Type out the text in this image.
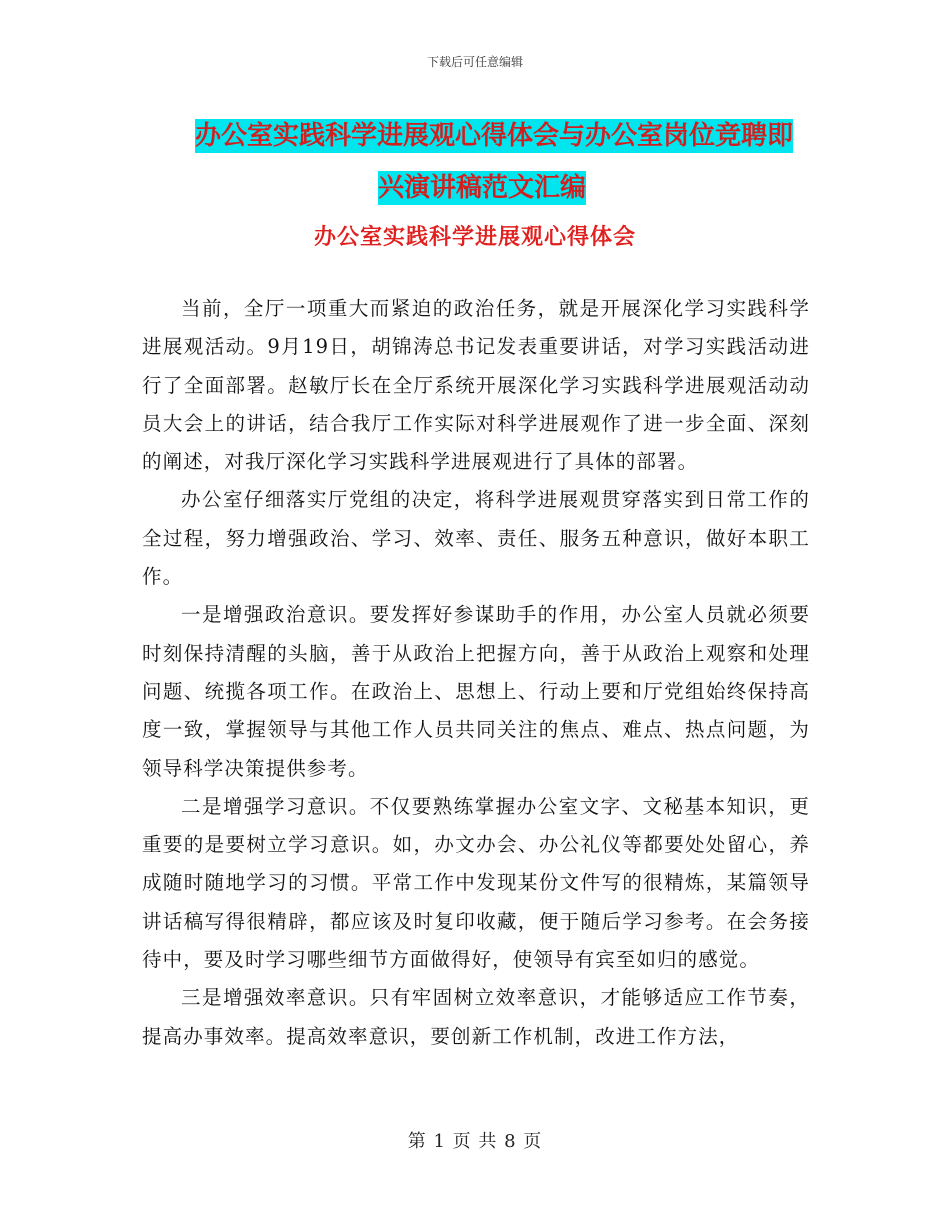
下载后可任意编辑
办公室实践科学进展观心得体会与办公室岗位竞聘即
兴演讲稿范文汇编
办公室实践科学进展观心得体会

当前，全厅一项重大而紧迫的政治任务，就是开展深化学习实践科学进展观活动。9月19日，胡锦涛总书记发表重要讲话，对学习实践活动进行了全面部署。赵敏厅长在全厅系统开展深化学习实践科学进展观活动动员大会上的讲话，结合我厅工作实际对科学进展观作了进一步全面、深刻的阐述，对我厅深化学习实践科学进展观进行了具体的部署。

办公室仔细落实厅党组的决定，将科学进展观贯穿落实到日常工作的全过程，努力增强政治、学习、效率、责任、服务五种意识，做好本职工作。

一是增强政治意识。要发挥好参谋助手的作用，办公室人员就必须要时刻保持清醒的头脑，善于从政治上把握方向，善于从政治上观察和处理问题、统揽各项工作。在政治上、思想上、行动上要和厅党组始终保持高度一致，掌握领导与其他工作人员共同关注的焦点、难点、热点问题，为领导科学决策提供参考。

二是增强学习意识。不仅要熟练掌握办公室文字、文秘基本知识，更重要的是要树立学习意识。如，办文办会、办公礼仪等都要处处留心，养成随时随地学习的习惯。平常工作中发现某份文件写的很精炼，某篇领导讲话稿写得很精辟，都应该及时复印收藏，便于随后学习参考。在会务接待中，要及时学习哪些细节方面做得好，使领导有宾至如归的感觉。

三是增强效率意识。只有牢固树立效率意识，才能够适应工作节奏，提高办事效率。提高效率意识，要创新工作机制，改进工作方法，

第 1 页 共 8 页
